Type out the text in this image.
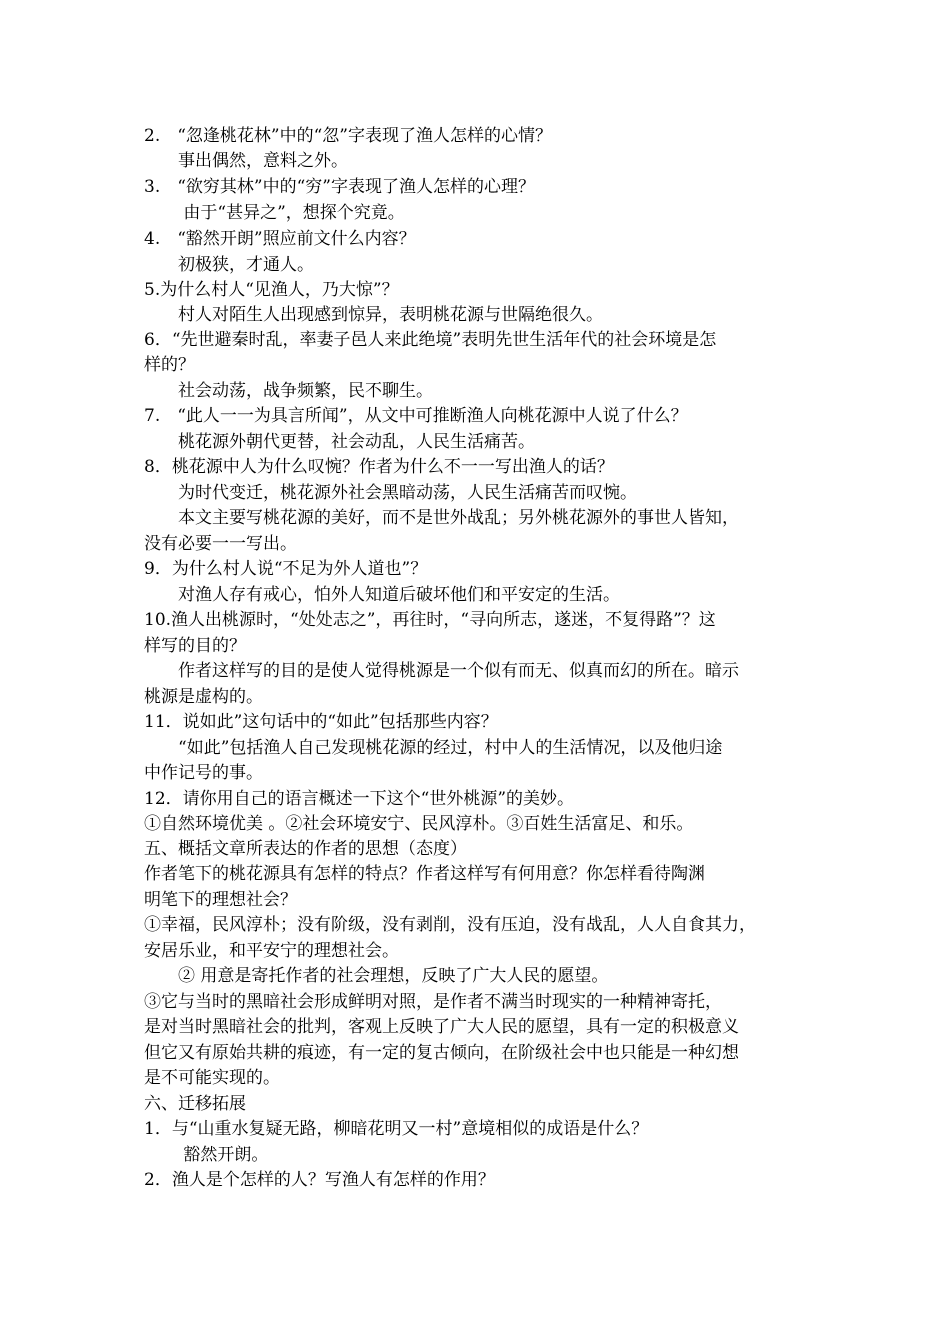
2.　“忽逢桃花林”中的“忽”字表现了渔人怎样的心情？
　　事出偶然，意料之外。
3.　“欲穷其林”中的“穷”字表现了渔人怎样的心理？
　　 由于“甚异之”，想探个究竟。
4.　“豁然开朗”照应前文什么内容？
　　初极狭，才通人。
5.为什么村人“见渔人，乃大惊”？
　　村人对陌生人出现感到惊异，表明桃花源与世隔绝很久。
6．“先世避秦时乱，率妻子邑人来此绝境”表明先世生活年代的社会环境是怎
样的？
　　社会动荡，战争频繁，民不聊生。
7.　“此人一一为具言所闻”，从文中可推断渔人向桃花源中人说了什么？
　　桃花源外朝代更替，社会动乱，人民生活痛苦。
8．桃花源中人为什么叹惋？作者为什么不一一写出渔人的话？
　　为时代变迁，桃花源外社会黑暗动荡，人民生活痛苦而叹惋。
　　本文主要写桃花源的美好，而不是世外战乱；另外桃花源外的事世人皆知，
没有必要一一写出。
9．为什么村人说“不足为外人道也”？
　　对渔人存有戒心，怕外人知道后破坏他们和平安定的生活。
10.渔人出桃源时，“处处志之”，再往时，“寻向所志，遂迷，不复得路”？这
样写的目的？
　　作者这样写的目的是使人觉得桃源是一个似有而无、似真而幻的所在。暗示
桃源是虚构的。
11．说如此”这句话中的“如此”包括那些内容？
　　“如此”包括渔人自己发现桃花源的经过，村中人的生活情况，以及他归途
中作记号的事。
12．请你用自己的语言概述一下这个“世外桃源”的美妙。
①自然环境优美 。②社会环境安宁、民风淳朴。③百姓生活富足、和乐。
五、概括文章所表达的作者的思想（态度）
作者笔下的桃花源具有怎样的特点？作者这样写有何用意？你怎样看待陶渊
明笔下的理想社会？
①幸福，民风淳朴；没有阶级，没有剥削，没有压迫，没有战乱，人人自食其力，
安居乐业，和平安宁的理想社会。
　　② 用意是寄托作者的社会理想，反映了广大人民的愿望。
③它与当时的黑暗社会形成鲜明对照，是作者不满当时现实的一种精神寄托，
是对当时黑暗社会的批判，客观上反映了广大人民的愿望，具有一定的积极意义
但它又有原始共耕的痕迹，有一定的复古倾向，在阶级社会中也只能是一种幻想
是不可能实现的。
六、迁移拓展
1．与“山重水复疑无路，柳暗花明又一村”意境相似的成语是什么？
　　 豁然开朗。
2．渔人是个怎样的人？写渔人有怎样的作用？
